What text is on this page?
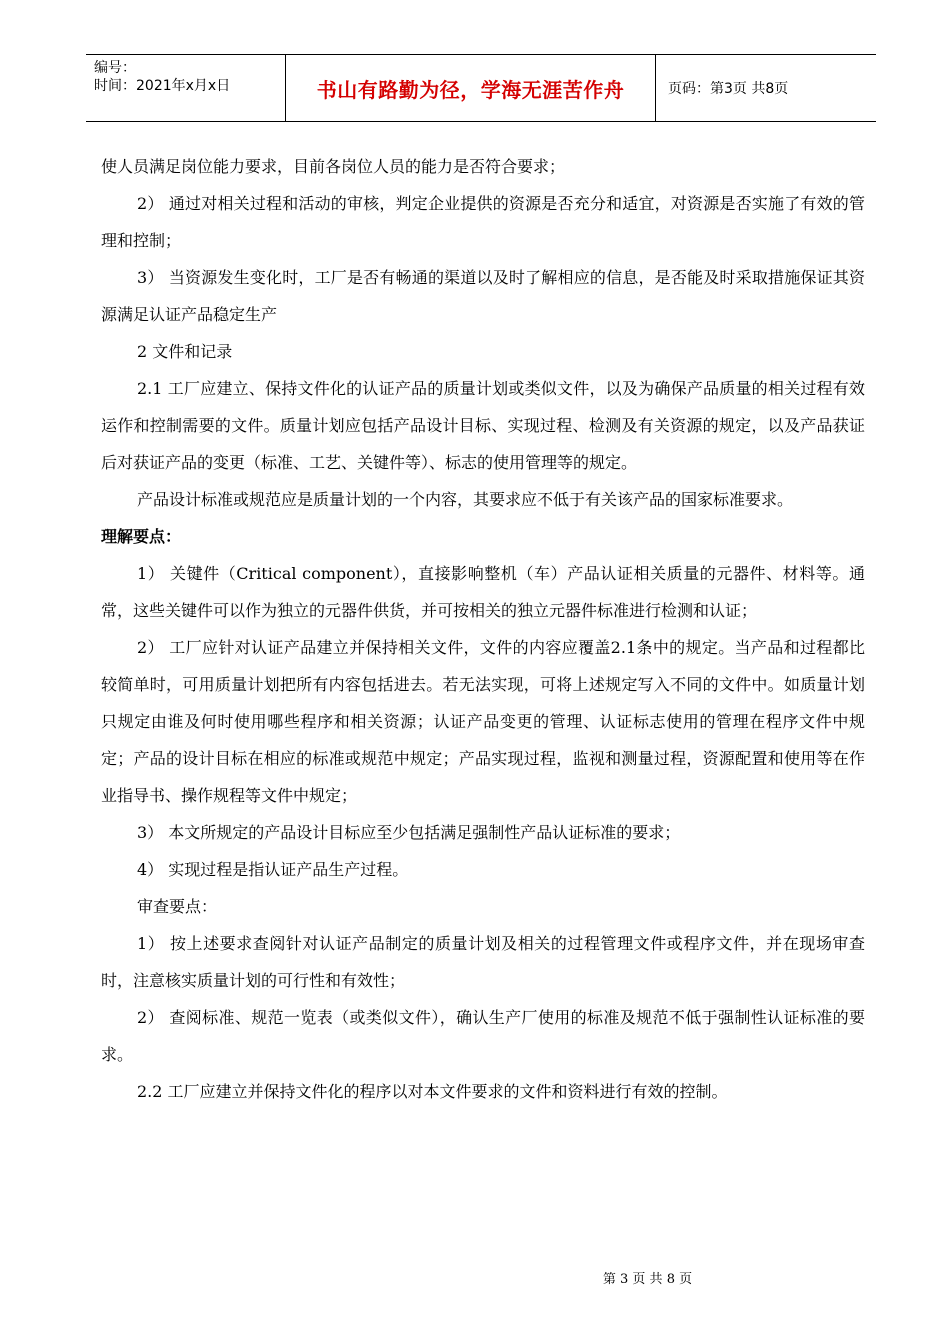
编号：
时间：2021年x月x日	书山有路勤为径，学海无涯苦作舟	页码：第3页 共8页

使人员满足岗位能力要求，目前各岗位人员的能力是否符合要求；

2） 通过对相关过程和活动的审核，判定企业提供的资源是否充分和适宜，对资源是否实施了有效的管理和控制；

3） 当资源发生变化时，工厂是否有畅通的渠道以及时了解相应的信息，是否能及时采取措施保证其资源满足认证产品稳定生产

2 文件和记录

2.1 工厂应建立、保持文件化的认证产品的质量计划或类似文件，以及为确保产品质量的相关过程有效运作和控制需要的文件。质量计划应包括产品设计目标、实现过程、检测及有关资源的规定，以及产品获证后对获证产品的变更（标准、工艺、关键件等）、标志的使用管理等的规定。

产品设计标准或规范应是质量计划的一个内容，其要求应不低于有关该产品的国家标准要求。

理解要点：

1） 关键件（Critical component），直接影响整机（车）产品认证相关质量的元器件、材料等。通常，这些关键件可以作为独立的元器件供货，并可按相关的独立元器件标准进行检测和认证；

2） 工厂应针对认证产品建立并保持相关文件，文件的内容应覆盖2.1条中的规定。当产品和过程都比较简单时，可用质量计划把所有内容包括进去。若无法实现，可将上述规定写入不同的文件中。如质量计划只规定由谁及何时使用哪些程序和相关资源；认证产品变更的管理、认证标志使用的管理在程序文件中规定；产品的设计目标在相应的标准或规范中规定；产品实现过程，监视和测量过程，资源配置和使用等在作业指导书、操作规程等文件中规定；

3） 本文所规定的产品设计目标应至少包括满足强制性产品认证标准的要求；

4） 实现过程是指认证产品生产过程。

审查要点：

1） 按上述要求查阅针对认证产品制定的质量计划及相关的过程管理文件或程序文件，并在现场审查时，注意核实质量计划的可行性和有效性；

2） 查阅标准、规范一览表（或类似文件），确认生产厂使用的标准及规范不低于强制性认证标准的要求。

2.2 工厂应建立并保持文件化的程序以对本文件要求的文件和资料进行有效的控制。

第 3 页 共 8 页
